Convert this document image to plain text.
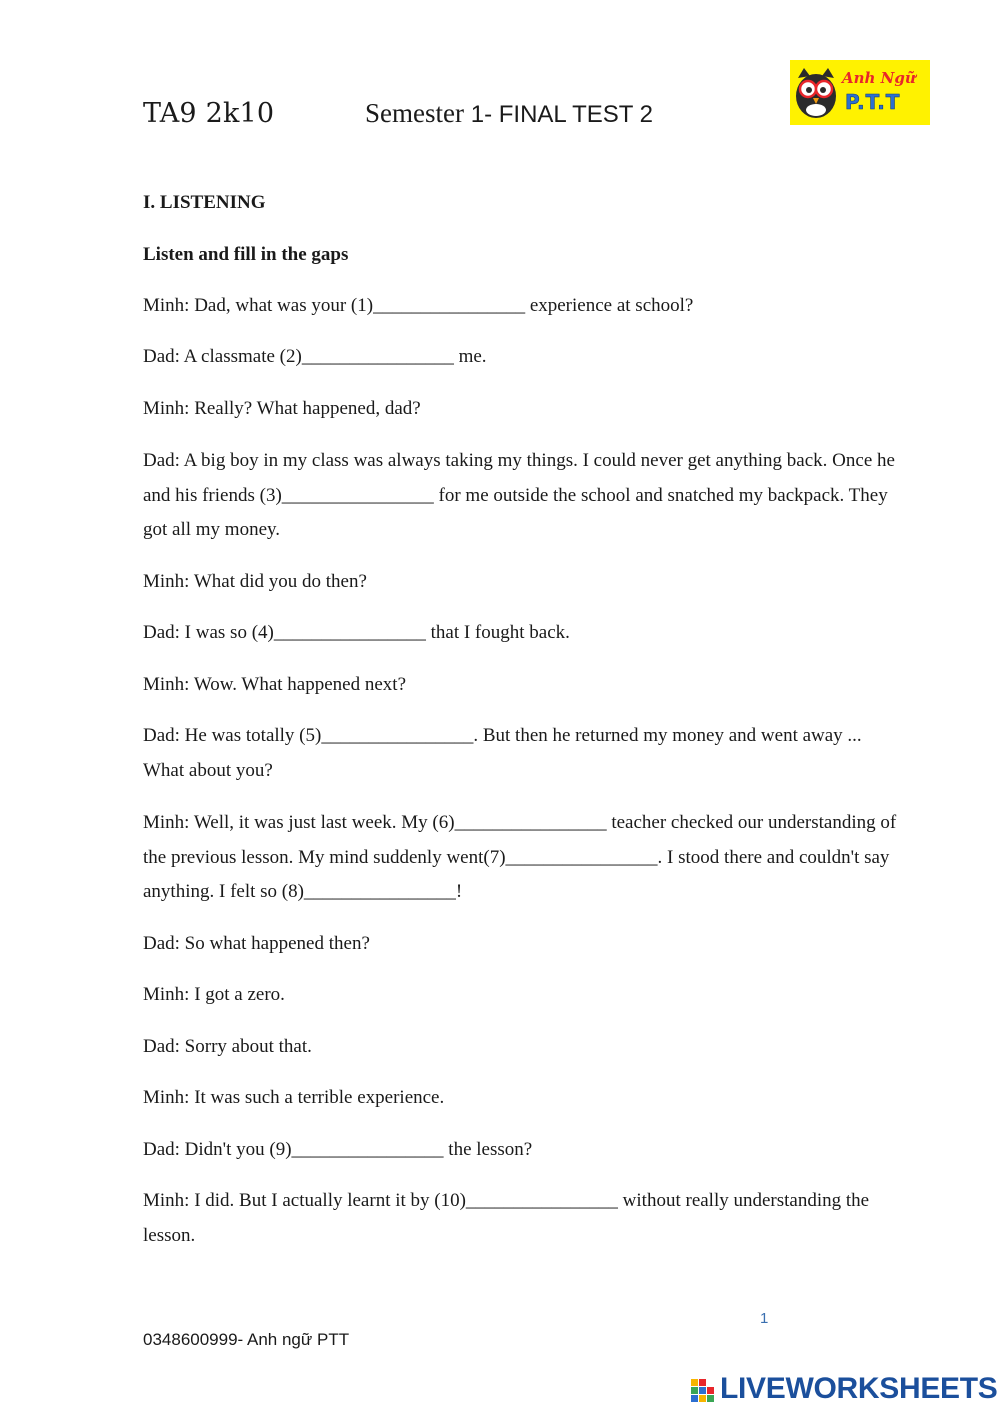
TA9 2k10	Semester 1- FINAL TEST 2
Anh Ngữ
P.T.T
I. LISTENING
Listen and fill in the gaps
Minh: Dad, what was your (1)________________ experience at school?
Dad: A classmate (2)________________ me.
Minh: Really? What happened, dad?
Dad: A big boy in my class was always taking my things. I could never get anything back. Once he and his friends (3)________________ for me outside the school and snatched my backpack. They got all my money.
Minh: What did you do then?
Dad: I was so (4)________________ that I fought back.
Minh: Wow. What happened next?
Dad: He was totally (5)________________. But then he returned my money and went away ... What about you?
Minh: Well, it was just last week. My (6)________________ teacher checked our understanding of the previous lesson. My mind suddenly went(7)________________. I stood there and couldn't say anything. I felt so (8)________________!
Dad: So what happened then?
Minh: I got a zero.
Dad: Sorry about that.
Minh: It was such a terrible experience.
Dad: Didn't you (9)________________ the lesson?
Minh: I did. But I actually learnt it by (10)________________ without really understanding the lesson.
1
0348600999- Anh ngữ PTT
LIVEWORKSHEETS
